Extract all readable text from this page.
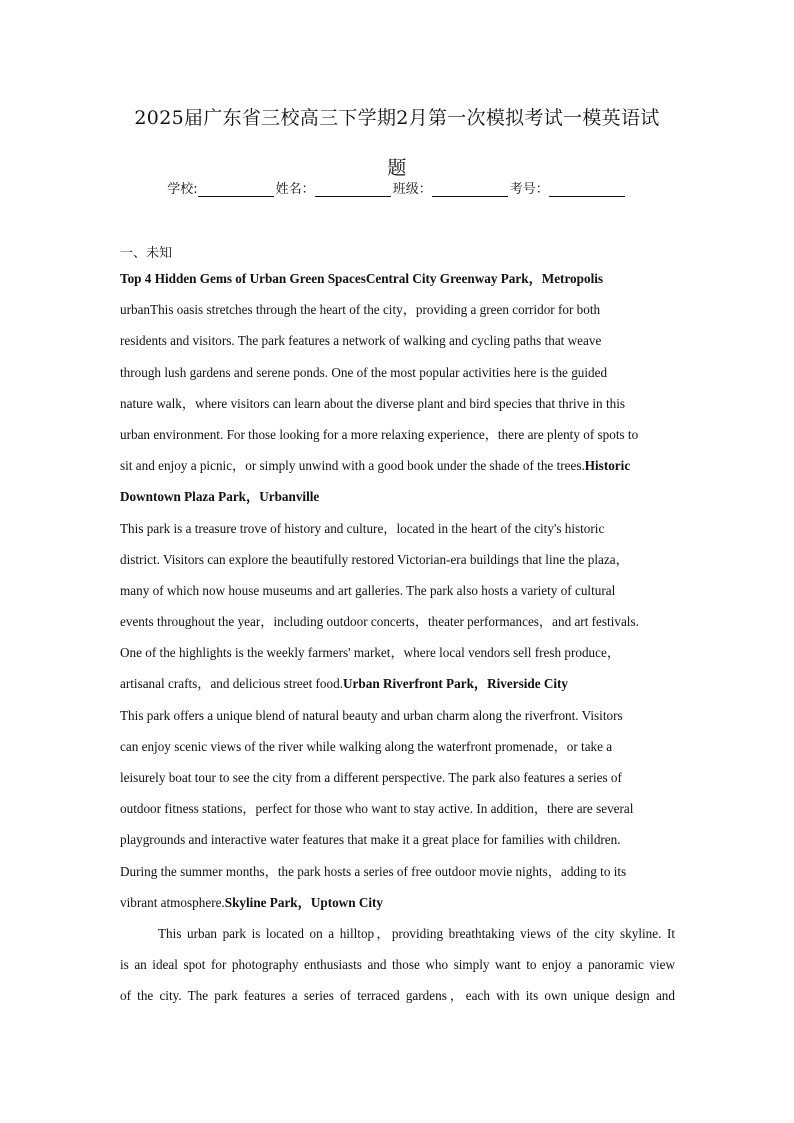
2025届广东省三校高三下学期2月第一次模拟考试一模英语试
题
学校:	姓名：	班级：	考号：
一、未知
Top 4 Hidden Gems of Urban Green SpacesCentral City Greenway Park，Metropolis
urbanThis oasis stretches through the heart of the city，providing a green corridor for both
residents and visitors. The park features a network of walking and cycling paths that weave
through lush gardens and serene ponds. One of the most popular activities here is the guided
nature walk，where visitors can learn about the diverse plant and bird species that thrive in this
urban environment. For those looking for a more relaxing experience，there are plenty of spots to
sit and enjoy a picnic，or simply unwind with a good book under the shade of the trees.Historic
Downtown Plaza Park，Urbanville
This park is a treasure trove of history and culture，located in the heart of the city's historic
district. Visitors can explore the beautifully restored Victorian-era buildings that line the plaza，
many of which now house museums and art galleries. The park also hosts a variety of cultural
events throughout the year，including outdoor concerts，theater performances，and art festivals.
One of the highlights is the weekly farmers' market，where local vendors sell fresh produce，
artisanal crafts，and delicious street food.Urban Riverfront Park，Riverside City
This park offers a unique blend of natural beauty and urban charm along the riverfront. Visitors
can enjoy scenic views of the river while walking along the waterfront promenade，or take a
leisurely boat tour to see the city from a different perspective. The park also features a series of
outdoor fitness stations，perfect for those who want to stay active. In addition，there are several
playgrounds and interactive water features that make it a great place for families with children.
During the summer months，the park hosts a series of free outdoor movie nights，adding to its
vibrant atmosphere.Skyline Park，Uptown City
This urban park is located on a hilltop，providing breathtaking views of the city skyline. It
is an ideal spot for photography enthusiasts and those who simply want to enjoy a panoramic view
of the city. The park features a series of terraced gardens，each with its own unique design and
